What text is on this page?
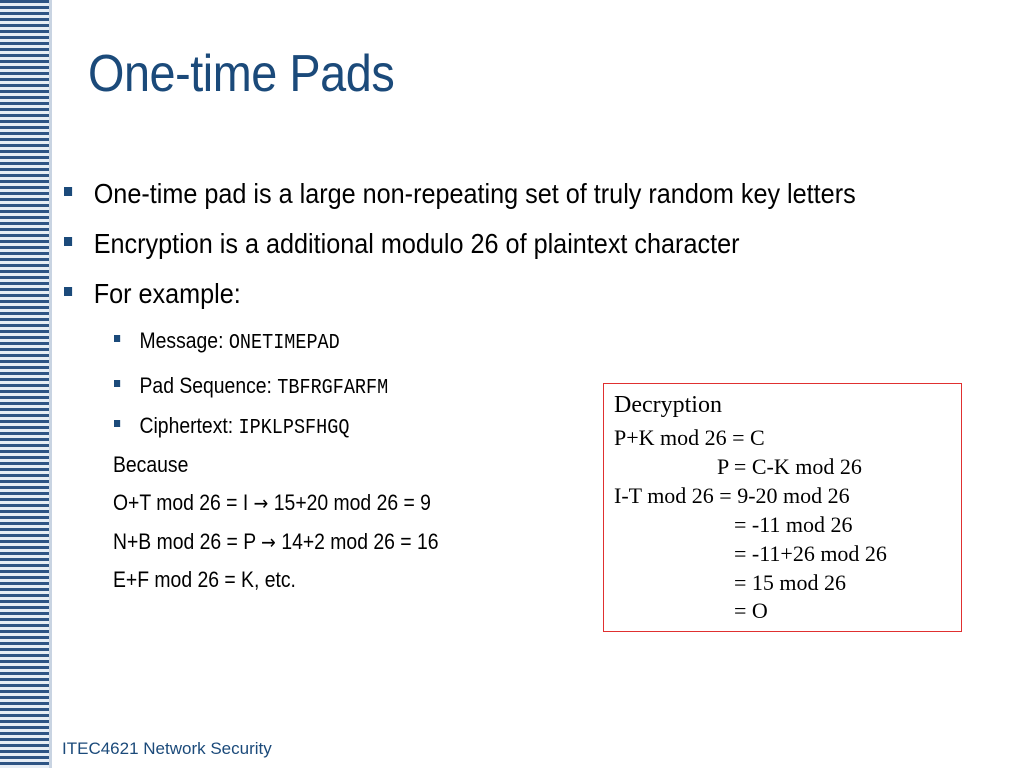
One-time Pads
One-time pad is a large non-repeating set of truly random key letters
Encryption is a additional modulo 26 of plaintext character
For example:
Message: ONETIMEPAD
Pad Sequence: TBFRGFARFM
Ciphertext: IPKLPSFHGQ
Because
O+T mod 26 = I → 15+20 mod 26 = 9
N+B mod 26 = P → 14+2 mod 26 = 16
E+F mod 26 = K, etc.
Decryption
P+K mod 26 = C
P = C-K mod 26
I-T mod 26 = 9-20 mod 26
= -11 mod 26
= -11+26 mod 26
= 15 mod 26
= O
ITEC4621 Network Security
